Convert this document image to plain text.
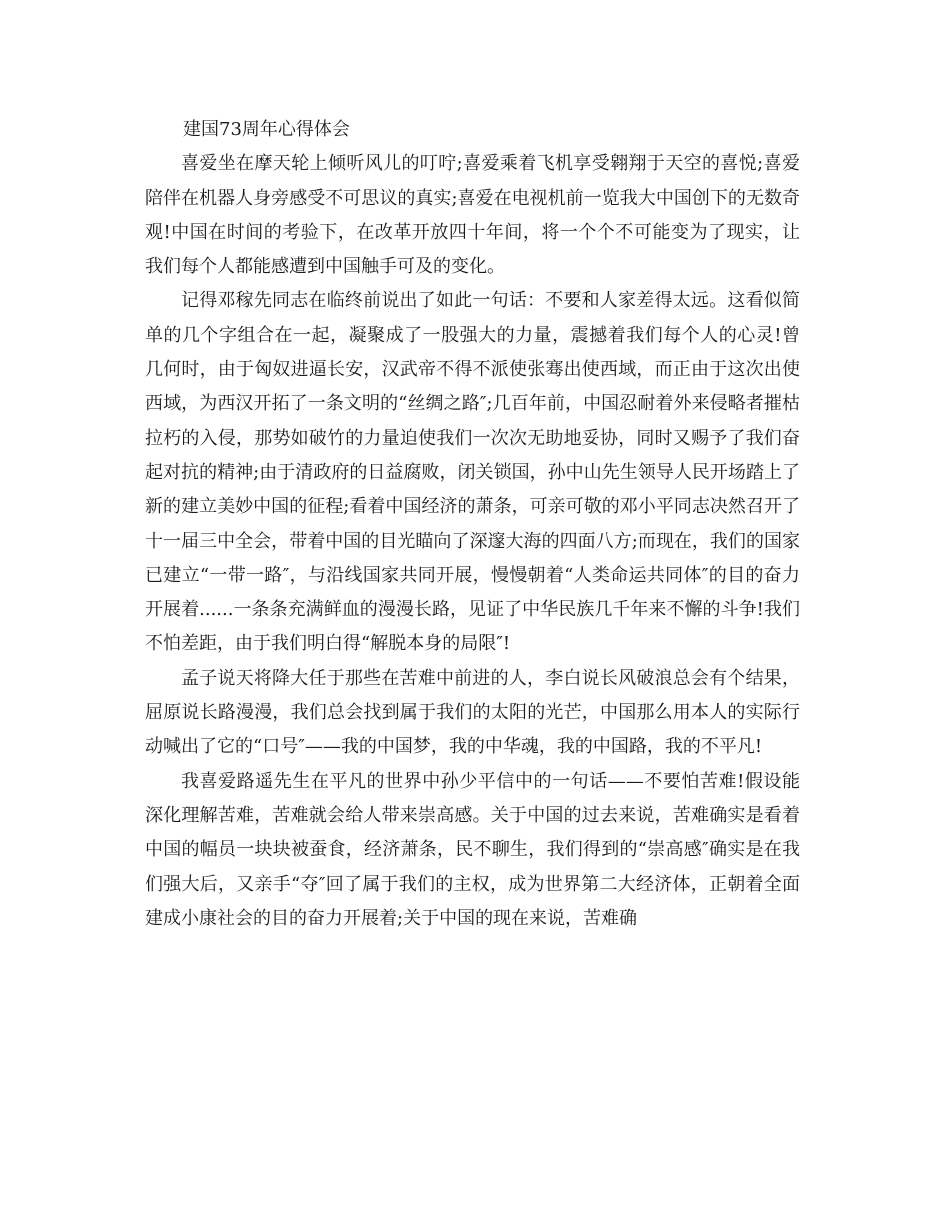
建国73周年心得体会

喜爱坐在摩天轮上倾听风儿的叮咛;喜爱乘着飞机享受翱翔于天空的喜悦;喜爱陪伴在机器人身旁感受不可思议的真实;喜爱在电视机前一览我大中国创下的无数奇观!中国在时间的考验下，在改革开放四十年间，将一个个不可能变为了现实，让我们每个人都能感遭到中国触手可及的变化。

记得邓稼先同志在临终前说出了如此一句话：不要和人家差得太远。这看似简单的几个字组合在一起，凝聚成了一股强大的力量，震撼着我们每个人的心灵!曾几何时，由于匈奴进逼长安，汉武帝不得不派使张骞出使西域，而正由于这次出使西域，为西汉开拓了一条文明的“丝绸之路″;几百年前，中国忍耐着外来侵略者摧枯拉朽的入侵，那势如破竹的力量迫使我们一次次无助地妥协，同时又赐予了我们奋起对抗的精神;由于清政府的日益腐败，闭关锁国，孙中山先生领导人民开场踏上了新的建立美妙中国的征程;看着中国经济的萧条，可亲可敬的邓小平同志决然召开了十一届三中全会，带着中国的目光瞄向了深邃大海的四面八方;而现在，我们的国家已建立“一带一路″，与沿线国家共同开展，慢慢朝着“人类命运共同体″的目的奋力开展着......一条条充满鲜血的漫漫长路，见证了中华民族几千年来不懈的斗争!我们不怕差距，由于我们明白得“解脱本身的局限″!

孟子说天将降大任于那些在苦难中前进的人，李白说长风破浪总会有个结果，屈原说长路漫漫，我们总会找到属于我们的太阳的光芒，中国那么用本人的实际行动喊出了它的“口号″——我的中国梦，我的中华魂，我的中国路，我的不平凡!

我喜爱路遥先生在平凡的世界中孙少平信中的一句话——不要怕苦难!假设能深化理解苦难，苦难就会给人带来崇高感。关于中国的过去来说，苦难确实是看着中国的幅员一块块被蚕食，经济萧条，民不聊生，我们得到的“崇高感″确实是在我们强大后，又亲手“夺″回了属于我们的主权，成为世界第二大经济体，正朝着全面建成小康社会的目的奋力开展着;关于中国的现在来说，苦难确
